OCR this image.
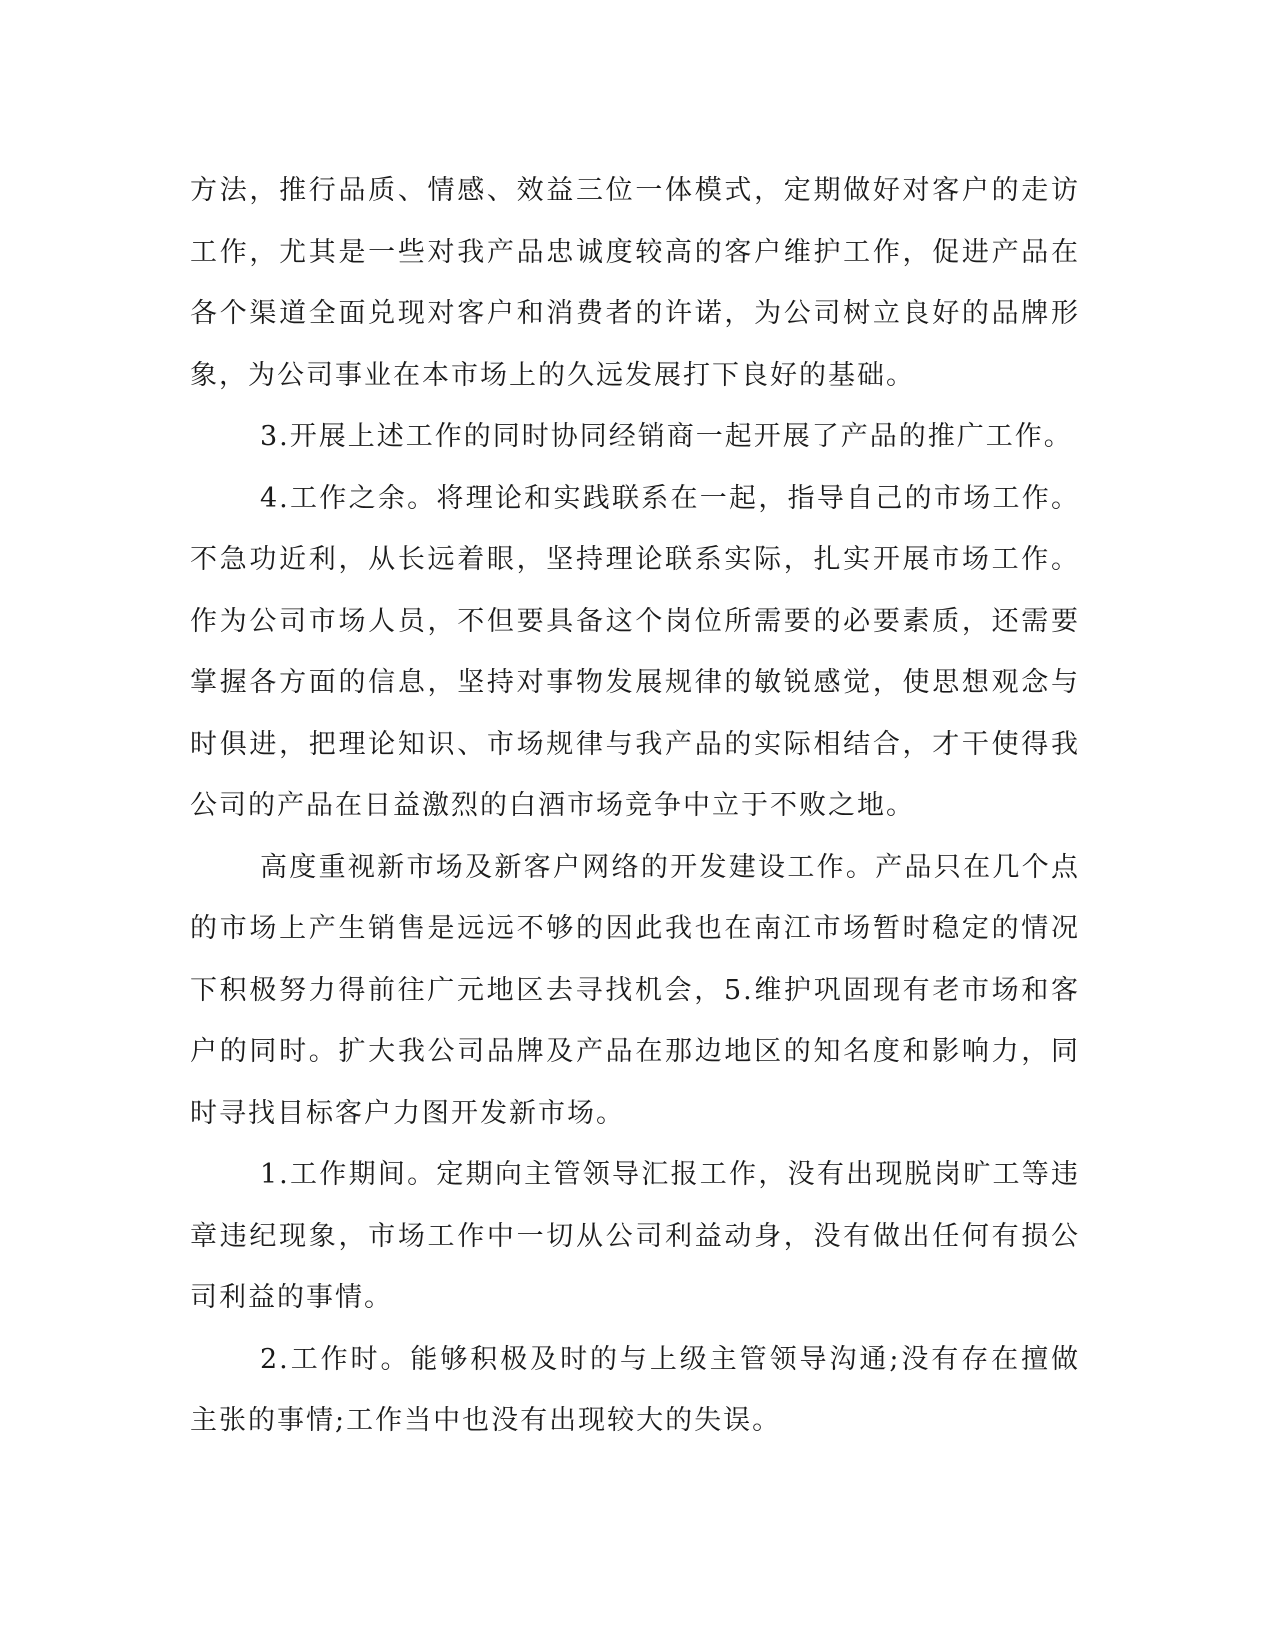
方法，推行品质、情感、效益三位一体模式，定期做好对客户的走访工作，尤其是一些对我产品忠诚度较高的客户维护工作，促进产品在各个渠道全面兑现对客户和消费者的许诺，为公司树立良好的品牌形象，为公司事业在本市场上的久远发展打下良好的基础。

3.开展上述工作的同时协同经销商一起开展了产品的推广工作。

4.工作之余。将理论和实践联系在一起，指导自己的市场工作。不急功近利，从长远着眼，坚持理论联系实际，扎实开展市场工作。作为公司市场人员，不但要具备这个岗位所需要的必要素质，还需要掌握各方面的信息，坚持对事物发展规律的敏锐感觉，使思想观念与时俱进，把理论知识、市场规律与我产品的实际相结合，才干使得我公司的产品在日益激烈的白酒市场竞争中立于不败之地。

高度重视新市场及新客户网络的开发建设工作。产品只在几个点的市场上产生销售是远远不够的因此我也在南江市场暂时稳定的情况下积极努力得前往广元地区去寻找机会，5.维护巩固现有老市场和客户的同时。扩大我公司品牌及产品在那边地区的知名度和影响力，同时寻找目标客户力图开发新市场。

1.工作期间。定期向主管领导汇报工作，没有出现脱岗旷工等违章违纪现象，市场工作中一切从公司利益动身，没有做出任何有损公司利益的事情。

2.工作时。能够积极及时的与上级主管领导沟通;没有存在擅做主张的事情;工作当中也没有出现较大的失误。
